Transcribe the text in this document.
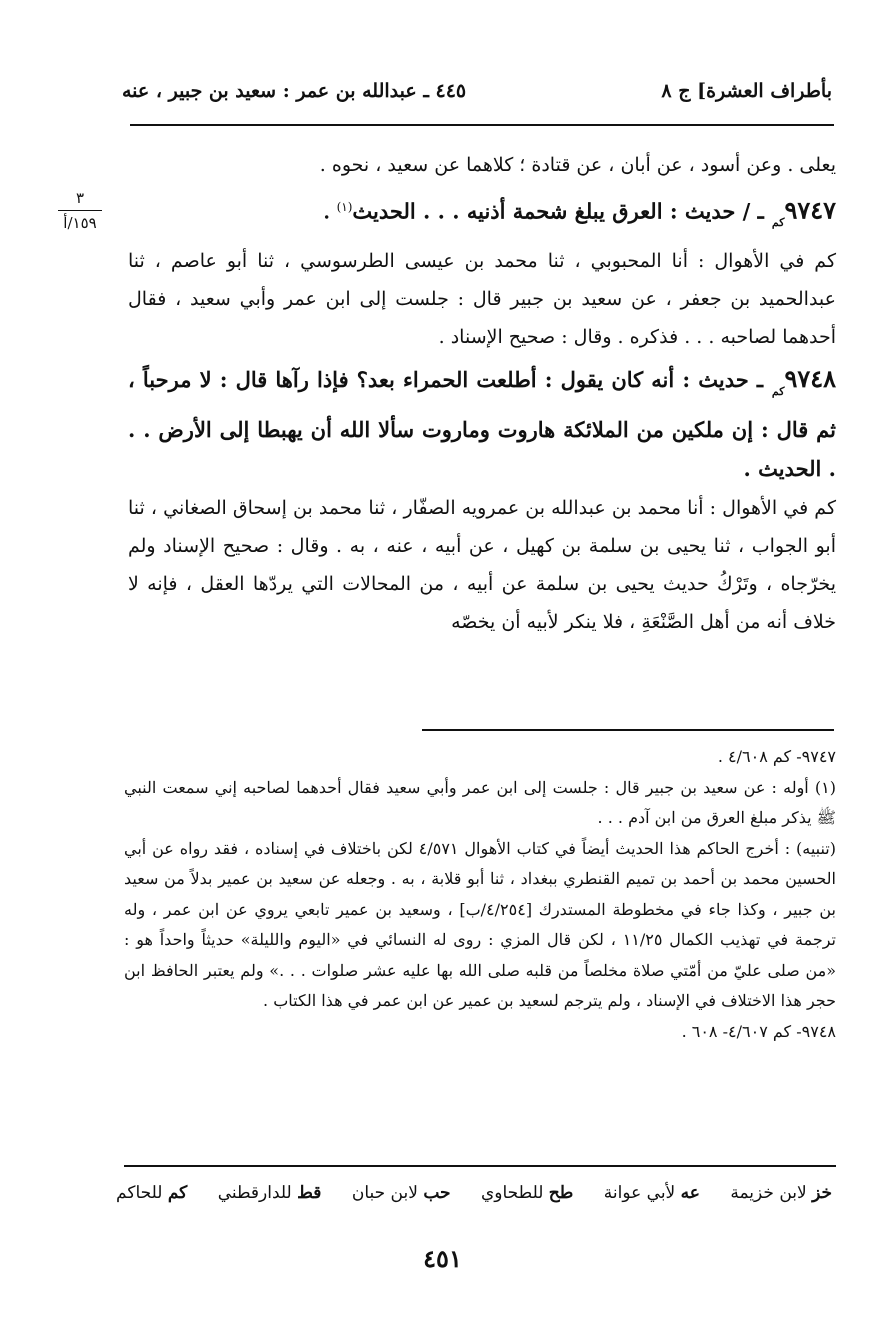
بأطراف العشرة] ج ٨
٤٤٥ ـ عبدالله بن عمر : سعيد بن جبير ، عنه
٣
١٥٩/أ

يعلى . وعن أسود ، عن أبان ، عن قتادة ؛ كلاهما عن سعيد ، نحوه .

$٩٧٤٧_{كم}$ ـ / حديث : العرق يبلغ شحمة أذنيه . . . الحديث$^{(١)}$ .

كم في الأهوال : أنا المحبوبي ، ثنا محمد بن عيسى الطرسوسي ، ثنا أبو عاصم ، ثنا عبدالحميد بن جعفر ، عن سعيد بن جبير قال : جلست إلى ابن عمر وأبي سعيد ، فقال أحدهما لصاحبه . . . فذكره . وقال : صحيح الإسناد .

$٩٧٤٨_{كم}$ ـ حديث : أنه كان يقول : أطلعت الحمراء بعد؟ فإذا رآها قال : لا مرحباً ، ثم قال : إن ملكين من الملائكة هاروت وماروت سألا الله أن يهبطا إلى الأرض . . . الحديث .

كم في الأهوال : أنا محمد بن عبدالله بن عمرويه الصفّار ، ثنا محمد بن إسحاق الصغاني ، ثنا أبو الجواب ، ثنا يحيى بن سلمة بن كهيل ، عن أبيه ، عنه ، به . وقال : صحيح الإسناد ولم يخرّجاه ، وتَرْكُ حديث يحيى بن سلمة عن أبيه ، من المحالات التي يردّها العقل ، فإنه لا خلاف أنه من أهل الصَّنْعَةِ ، فلا ينكر لأبيه أن يخصّه

٩٧٤٧- كم ٤/٦٠٨ .

(١) أوله : عن سعيد بن جبير قال : جلست إلى ابن عمر وأبي سعيد فقال أحدهما لصاحبه إني سمعت النبي ﷺ يذكر مبلغ العرق من ابن آدم . . .

(تنبيه) : أخرج الحاكم هذا الحديث أيضاً في كتاب الأهوال ٤/٥٧١ لكن باختلاف في إسناده ، فقد رواه عن أبي الحسين محمد بن أحمد بن تميم القنطري ببغداد ، ثنا أبو قلابة ، به . وجعله عن سعيد بن عمير بدلاً من سعيد بن جبير ، وكذا جاء في مخطوطة المستدرك [٤/٢٥٤/ب] ، وسعيد بن عمير تابعي يروي عن ابن عمر ، وله ترجمة في تهذيب الكمال ١١/٢٥ ، لكن قال المزي : روى له النسائي في «اليوم والليلة» حديثاً واحداً هو : «من صلى عليّ من أمّتي صلاة مخلصاً من قلبه صلى الله بها عليه عشر صلوات . . .» ولم يعتبر الحافظ ابن حجر هذا الاختلاف في الإسناد ، ولم يترجم لسعيد بن عمير عن ابن عمر في هذا الكتاب .

٩٧٤٨- كم ٤/٦٠٧- ٦٠٨ .

خز لابن خزيمة
عه لأبي عوانة
طح للطحاوي
حب لابن حبان
قط للدارقطني
كم للحاكم
٤٥١
